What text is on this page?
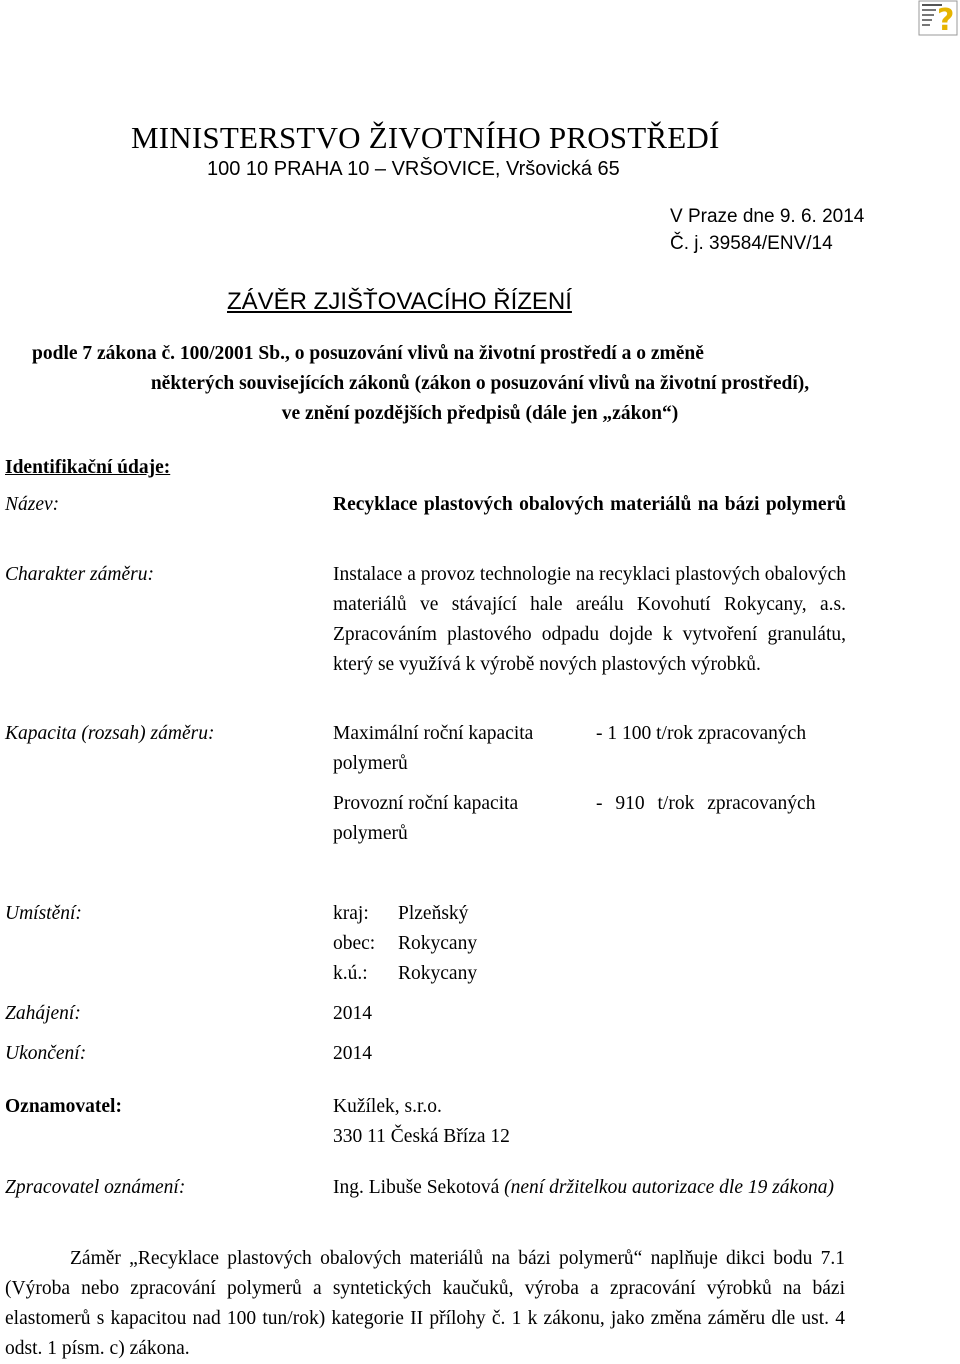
?
MINISTERSTVO ŽIVOTNÍHO PROSTŘEDÍ
100 10 PRAHA 10 – VRŠOVICE, Vršovická 65
V Praze dne 9. 6. 2014
Č. j. 39584/ENV/14
ZÁVĚR ZJIŠŤOVACÍHO ŘÍZENÍ
podle 7 zákona č. 100/2001 Sb., o posuzování vlivů na životní prostředí a o změně
některých souvisejících zákonů (zákon o posuzování vlivů na životní prostředí),
ve znění pozdějších předpisů (dále jen „zákon“)
Identifikační údaje:
Název:	Recyklace plastových obalových materiálů na bázi polymerů
Charakter záměru:	Instalace a provoz technologie na recyklaci plastových obalových materiálů ve stávající hale areálu Kovohutí Rokycany, a.s. Zpracováním plastového odpadu dojde k vytvoření granulátu, který se využívá k výrobě nových plastových výrobků.
Kapacita (rozsah) záměru:	Maximální roční kapacita polymerů
- 1 100 t/rok zpracovaných
Provozní roční kapacita polymerů
- 910 t/rok zpracovaných
Umístění:	kraj: Plzeňský
obec: Rokycany
k.ú.: Rokycany
Zahájení:	2014
Ukončení:	2014
Oznamovatel:	Kužílek, s.r.o.
330 11 Česká Bříza 12
Zpracovatel oznámení:	Ing. Libuše Sekotová (není držitelkou autorizace dle 19 zákona)
Záměr „Recyklace plastových obalových materiálů na bázi polymerů“ naplňuje dikci bodu 7.1 (Výroba nebo zpracování polymerů a syntetických kaučuků, výroba a zpracování výrobků na bázi elastomerů s kapacitou nad 100 tun/rok) kategorie II přílohy č. 1 k zákonu, jako změna záměru dle ust. 4 odst. 1 písm. c) zákona.
